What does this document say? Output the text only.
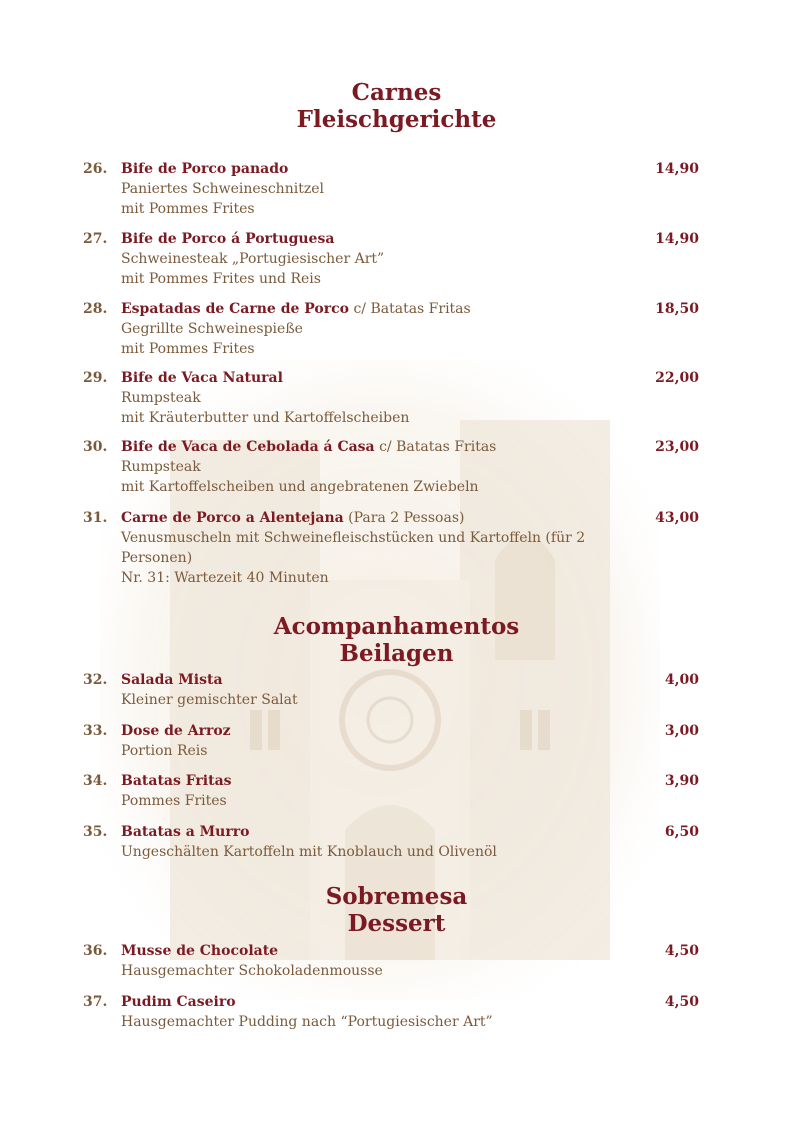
Carnes
Fleischgerichte
26. Bife de Porco panado
Paniertes Schweineschnitzel
mit Pommes Frites
14,90
27. Bife de Porco á Portuguesa
Schweinesteak „Portugiesischer Art”
mit Pommes Frites und Reis
14,90
28. Espatadas de Carne de Porco c/ Batatas Fritas
Gegrillte Schweinespieße
mit Pommes Frites
18,50
29. Bife de Vaca Natural
Rumpsteak
mit Kräuterbutter und Kartoffelscheiben
22,00
30. Bife de Vaca de Cebolada á Casa c/ Batatas Fritas
Rumpsteak
mit Kartoffelscheiben und angebratenen Zwiebeln
23,00
31. Carne de Porco a Alentejana (Para 2 Pessoas)
Venusmuscheln mit Schweinefleischstücken und Kartoffeln (für 2
Personen)
Nr. 31: Wartezeit 40 Minuten
43,00
Acompanhamentos
Beilagen
32. Salada Mista
Kleiner gemischter Salat
4,00
33. Dose de Arroz
Portion Reis
3,00
34. Batatas Fritas
Pommes Frites
3,90
35. Batatas a Murro
Ungeschälten Kartoffeln mit Knoblauch und Olivenöl
6,50
Sobremesa
Dessert
36. Musse de Chocolate
Hausgemachter Schokoladenmousse
4,50
37. Pudim Caseiro
Hausgemachter Pudding nach “Portugiesischer Art”
4,50
